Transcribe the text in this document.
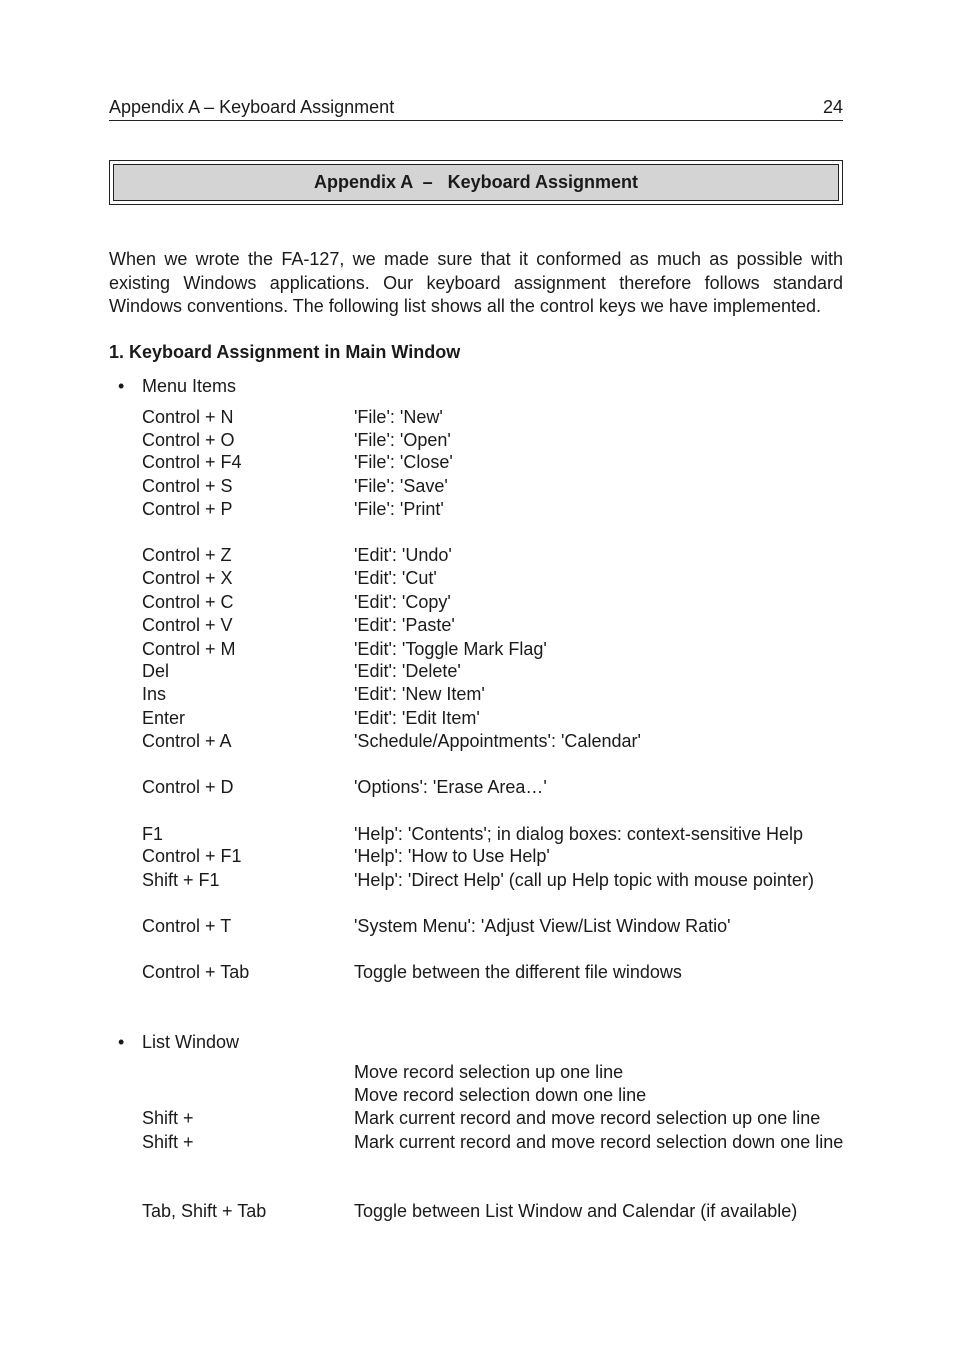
Appendix A – Keyboard Assignment	24
Appendix A  –   Keyboard Assignment

When we wrote the FA-127, we made sure that it conformed as much as possible with existing Windows applications. Our keyboard assignment therefore follows standard Windows conventions. The following list shows all the control keys we have implemented.

1. Keyboard Assignment in Main Window

• Menu Items
Control + N	'File': 'New'
Control + O	'File': 'Open'
Control + F4	'File': 'Close'
Control + S	'File': 'Save'
Control + P	'File': 'Print'
Control + Z	'Edit': 'Undo'
Control + X	'Edit': 'Cut'
Control + C	'Edit': 'Copy'
Control + V	'Edit': 'Paste'
Control + M	'Edit': 'Toggle Mark Flag'
Del	'Edit': 'Delete'
Ins	'Edit': 'New Item'
Enter	'Edit': 'Edit Item'
Control + A	'Schedule/Appointments': 'Calendar'
Control + D	'Options': 'Erase Area…'
F1	'Help': 'Contents'; in dialog boxes: context-sensitive Help
Control + F1	'Help': 'How to Use Help'
Shift + F1	'Help': 'Direct Help' (call up Help topic with mouse pointer)
Control + T	'System Menu': 'Adjust View/List Window Ratio'
Control + Tab	Toggle between the different file windows
• List Window
Move record selection up one line
Move record selection down one line
Shift +	Mark current record and move record selection up one line
Shift +	Mark current record and move record selection down one line
Tab, Shift + Tab	Toggle between List Window and Calendar (if available)
